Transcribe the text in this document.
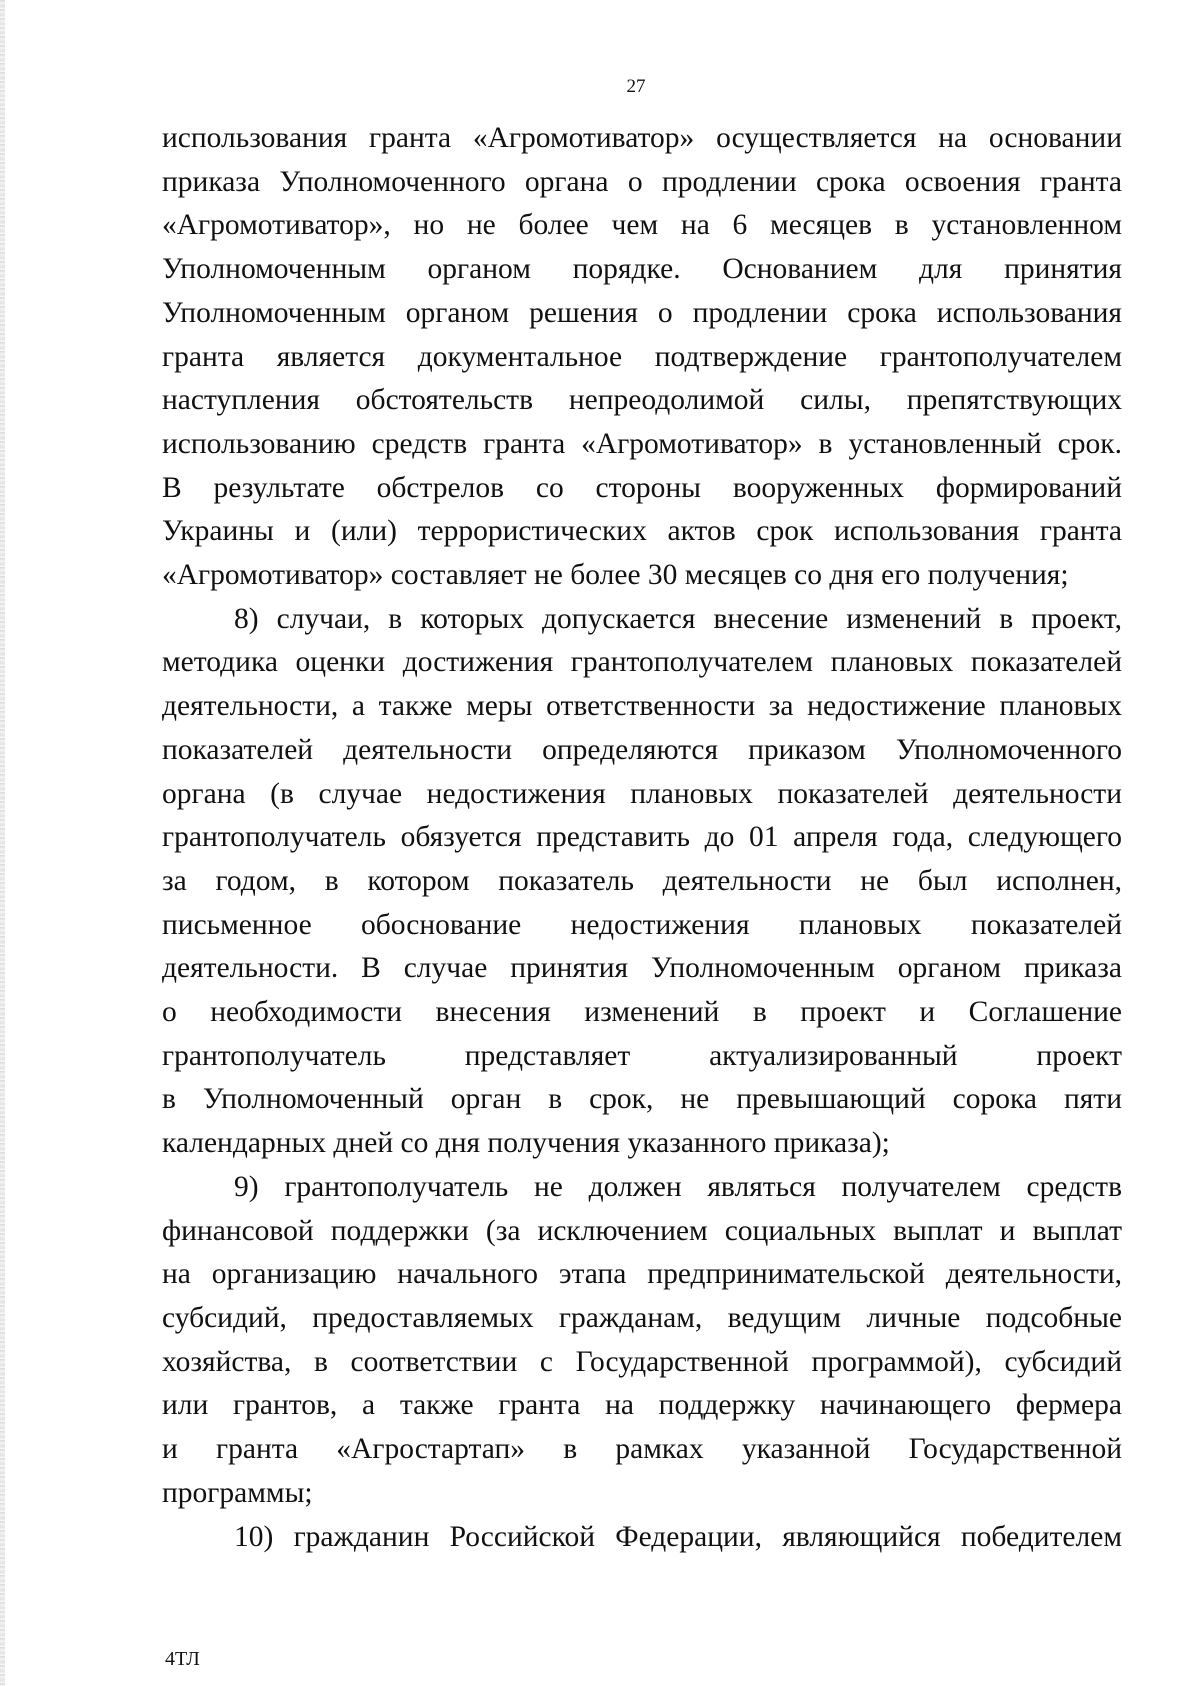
27
использования гранта «Агромотиватор» осуществляется на основании
приказа Уполномоченного органа о продлении срока освоения гранта
«Агромотиватор», но не более чем на 6 месяцев в установленном
Уполномоченным органом порядке. Основанием для принятия
Уполномоченным органом решения о продлении срока использования
гранта является документальное подтверждение грантополучателем
наступления обстоятельств непреодолимой силы, препятствующих
использованию средств гранта «Агромотиватор» в установленный срок.
В результате обстрелов со стороны вооруженных формирований
Украины и (или) террористических актов срок использования гранта
«Агромотиватор» составляет не более 30 месяцев со дня его получения;
8) случаи, в которых допускается внесение изменений в проект,
методика оценки достижения грантополучателем плановых показателей
деятельности, а также меры ответственности за недостижение плановых
показателей деятельности определяются приказом Уполномоченного
органа (в случае недостижения плановых показателей деятельности
грантополучатель обязуется представить до 01 апреля года, следующего
за годом, в котором показатель деятельности не был исполнен,
письменное обоснование недостижения плановых показателей
деятельности. В случае принятия Уполномоченным органом приказа
о необходимости внесения изменений в проект и Соглашение
грантополучатель представляет актуализированный проект
в Уполномоченный орган в срок, не превышающий сорока пяти
календарных дней со дня получения указанного приказа);
9) грантополучатель не должен являться получателем средств
финансовой поддержки (за исключением социальных выплат и выплат
на организацию начального этапа предпринимательской деятельности,
субсидий, предоставляемых гражданам, ведущим личные подсобные
хозяйства, в соответствии с Государственной программой), субсидий
или грантов, а также гранта на поддержку начинающего фермера
и гранта «Агростартап» в рамках указанной Государственной
программы;
10) гражданин Российской Федерации, являющийся победителем
4ТЛ
